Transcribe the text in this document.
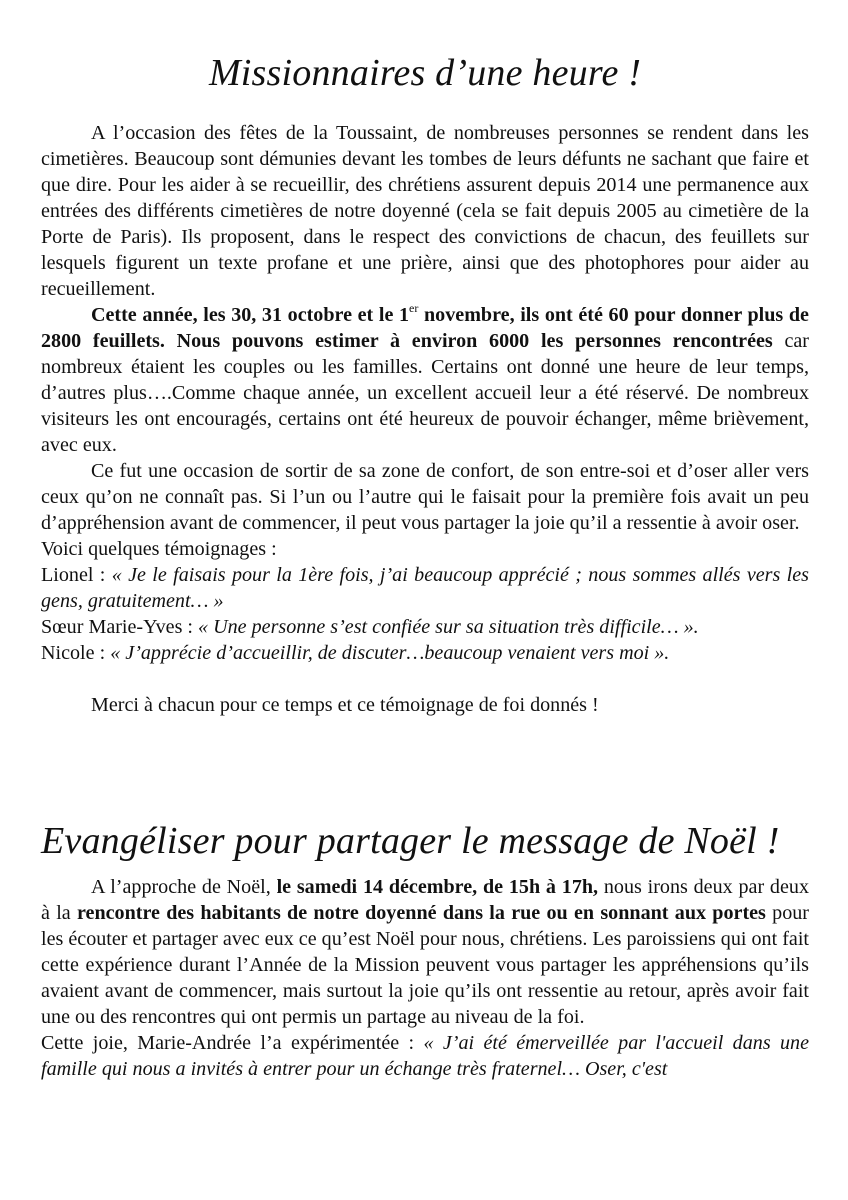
Missionnaires d’une heure !

A l’occasion des fêtes de la Toussaint, de nombreuses personnes se rendent dans les cimetières. Beaucoup sont démunies devant les tombes de leurs défunts ne sachant que faire et que dire. Pour les aider à se recueillir, des chrétiens assurent depuis 2014 une permanence aux entrées des différents cimetières de notre doyenné (cela se fait depuis 2005 au cimetière de la Porte de Paris). Ils proposent, dans le respect des convictions de chacun, des feuillets sur lesquels figurent un texte profane et une prière, ainsi que des photophores pour aider au recueillement.

Cette année, les 30, 31 octobre et le 1er novembre, ils ont été 60 pour donner plus de 2800 feuillets. Nous pouvons estimer à environ 6000 les personnes rencontrées car nombreux étaient les couples ou les familles. Certains ont donné une heure de leur temps, d’autres plus….Comme chaque année, un excellent accueil leur a été réservé. De nombreux visiteurs les ont encouragés, certains ont été heureux de pouvoir échanger, même brièvement, avec eux.

Ce fut une occasion de sortir de sa zone de confort, de son entre-soi et d’oser aller vers ceux qu’on ne connaît pas. Si l’un ou l’autre qui le faisait pour la première fois avait un peu d’appréhension avant de commencer, il peut vous partager la joie qu’il a ressentie à avoir oser.

Voici quelques témoignages :

Lionel : « Je le faisais pour la 1ère fois, j’ai beaucoup apprécié ; nous sommes allés vers les gens, gratuitement… »

Sœur Marie-Yves : « Une personne s’est confiée sur sa situation très difficile… ».

Nicole : « J’apprécie d’accueillir, de discuter…beaucoup venaient vers moi ».

Merci à chacun pour ce temps et ce témoignage de foi donnés !

Evangéliser pour partager le message de Noël !

A l’approche de Noël, le samedi 14 décembre, de 15h à 17h, nous irons deux par deux à la rencontre des habitants de notre doyenné dans la rue ou en sonnant aux portes pour les écouter et partager avec eux ce qu’est Noël pour nous, chrétiens. Les paroissiens qui ont fait cette expérience durant l’Année de la Mission peuvent vous partager les appréhensions qu’ils avaient avant de commencer, mais surtout la joie qu’ils ont ressentie au retour, après avoir fait une ou des rencontres qui ont permis un partage au niveau de la foi.

Cette joie, Marie-Andrée l’a expérimentée : « J’ai été émerveillée par l'accueil dans une famille qui nous a invités à entrer pour un échange très fraternel… Oser, c'est
